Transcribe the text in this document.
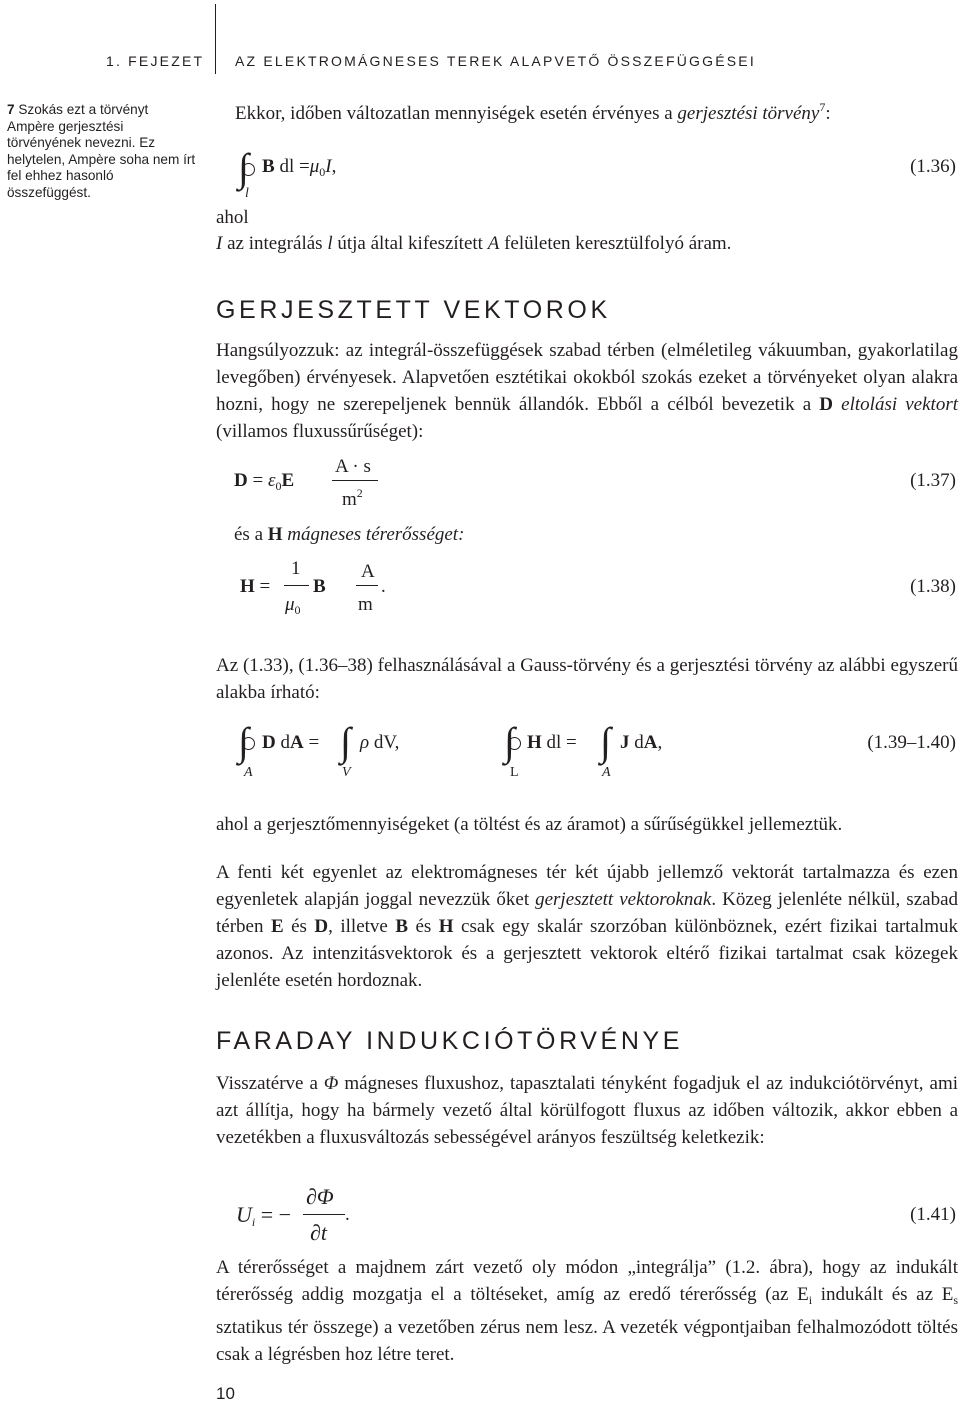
1. FEJEZET AZ ELEKTROMÁGNESES TEREK ALAPVETŐ ÖSSZEFÜGGÉSEI
7 Szokás ezt a törvényt Ampère gerjesztési törvényének nevezni. Ez helytelen, Ampère soha nem írt fel ehhez hasonló összefüggést.
Ekkor, időben változatlan mennyiségek esetén érvényes a gerjesztési törvény$^7$:
∫
l
B dl $=\mu_0I$,	(1.36)
ahol
I az integrálás l útja által kifeszített A felületen keresztülfolyó áram.
GERJESZTETT VEKTOROK
Hangsúlyozzuk: az integrál-összefüggések szabad térben (elméletileg vákuumban, gyakorlatilag levegőben) érvényesek. Alapvetően esztétikai okokból szokás ezeket a törvényeket olyan alakra hozni, hogy ne szerepeljenek bennük állandók. Ebből a célból bevezetik a D eltolási vektort (villamos fluxussűrűséget):
$D = \varepsilon_0E$
A · s
$m^2$
(1.37)
és a H mágneses térerősséget:
H =
1
$\mu_0$
B
A
m
.	(1.38)
Az (1.33), (1.36–38) felhasználásával a Gauss-törvény és a gerjesztési törvény az alábbi egyszerű alakba írható:
∫
A
D dA = ∫
V
ρ dV,	∫
L
H dl = ∫
A
J dA,	(1.39–1.40)
ahol a gerjesztőmennyiségeket (a töltést és az áramot) a sűrűségükkel jellemeztük.
A fenti két egyenlet az elektromágneses tér két újabb jellemző vektorát tartalmazza és ezen egyenletek alapján joggal nevezzük őket gerjesztett vektoroknak. Közeg jelenléte nélkül, szabad térben E és D, illetve B és H csak egy skalár szorzóban különböznek, ezért fizikai tartalmuk azonos. Az intenzitásvektorok és a gerjesztett vektorok eltérő fizikai tartalmat csak közegek jelenléte esetén hordoznak.
FARADAY INDUKCIÓTÖRVÉNYE
Visszatérve a Φ mágneses fluxushoz, tapasztalati tényként fogadjuk el az indukciótörvényt, ami azt állítja, hogy ha bármely vezető által körülfogott fluxus az időben változik, akkor ebben a vezetékben a fluxusváltozás sebességével arányos feszültség keletkezik:
$U_i$ = −
∂Φ
∂t
.	(1.41)
A térerősséget a majdnem zárt vezető oly módon „integrálja” (1.2. ábra), hogy az indukált térerősség addig mozgatja el a töltéseket, amíg az eredő térerősség (az $E_i$ indukált és az $E_s$ sztatikus tér összege) a vezetőben zérus nem lesz. A vezeték végpontjaiban felhalmozódott töltés csak a légrésben hoz létre teret.
10
